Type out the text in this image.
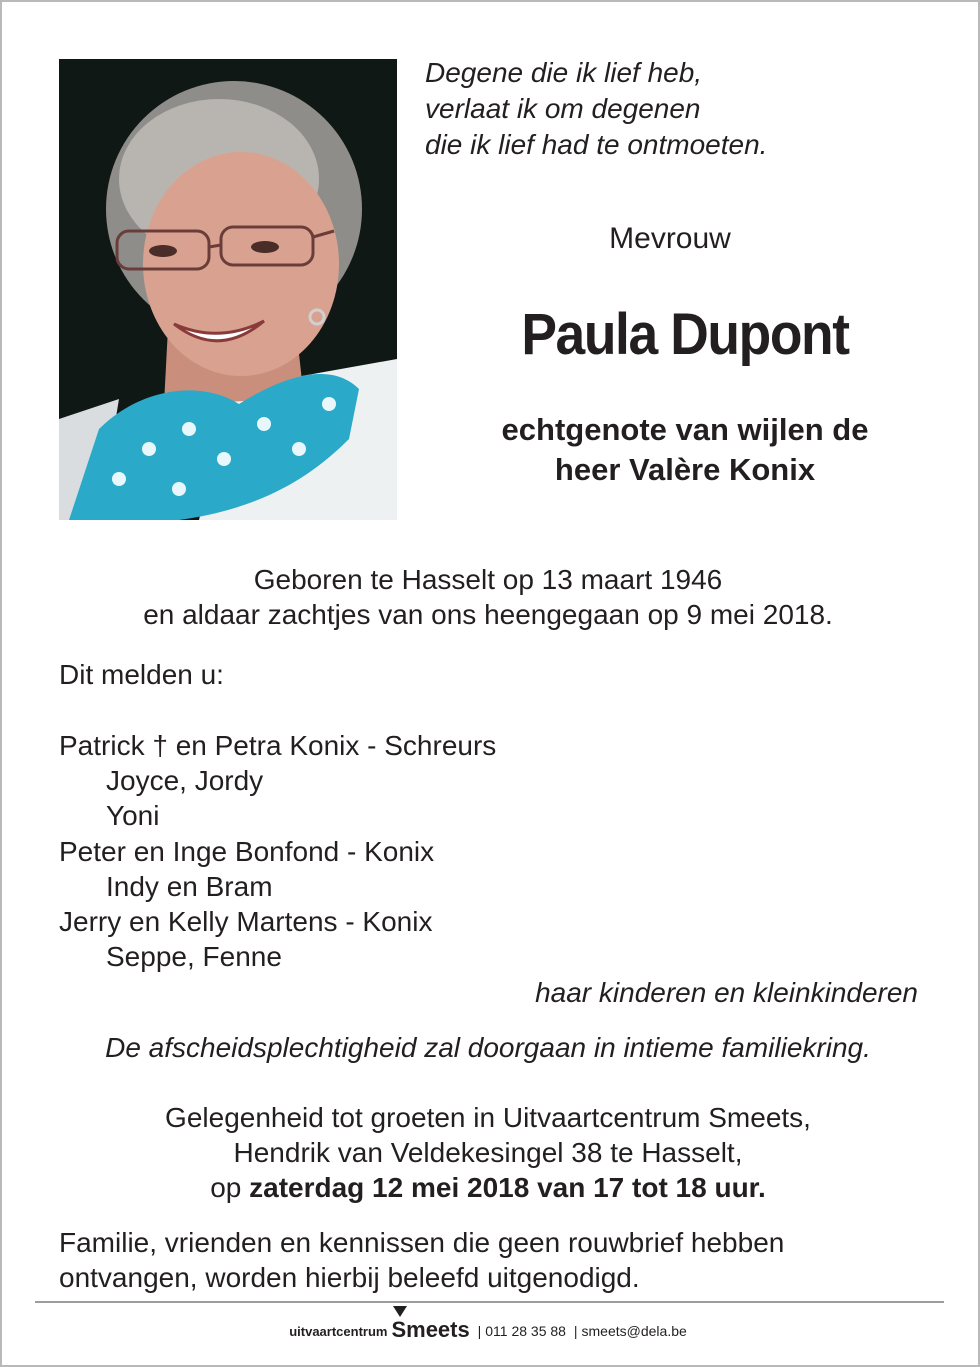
Degene die ik lief heb,
verlaat ik om degenen
die ik lief had te ontmoeten.
Mevrouw
Paula Dupont
echtgenote van wijlen de
heer Valère Konix
Geboren te Hasselt op 13 maart 1946
en aldaar zachtjes van ons heengegaan op 9 mei 2018.
Dit melden u:
Patrick † en Petra Konix - Schreurs
Joyce, Jordy
Yoni
Peter en Inge Bonfond - Konix
Indy en Bram
Jerry en Kelly Martens - Konix
Seppe, Fenne
haar kinderen en kleinkinderen
De afscheidsplechtigheid zal doorgaan in intieme familiekring.
Gelegenheid tot groeten in Uitvaartcentrum Smeets,
Hendrik van Veldekesingel 38 te Hasselt,
op zaterdag 12 mei 2018 van 17 tot 18 uur.
Familie, vrienden en kennissen die geen rouwbrief hebben
ontvangen, worden hierbij beleefd uitgenodigd.
uitvaartcentrum Smeets | 011 28 35 88 | smeets@dela.be
